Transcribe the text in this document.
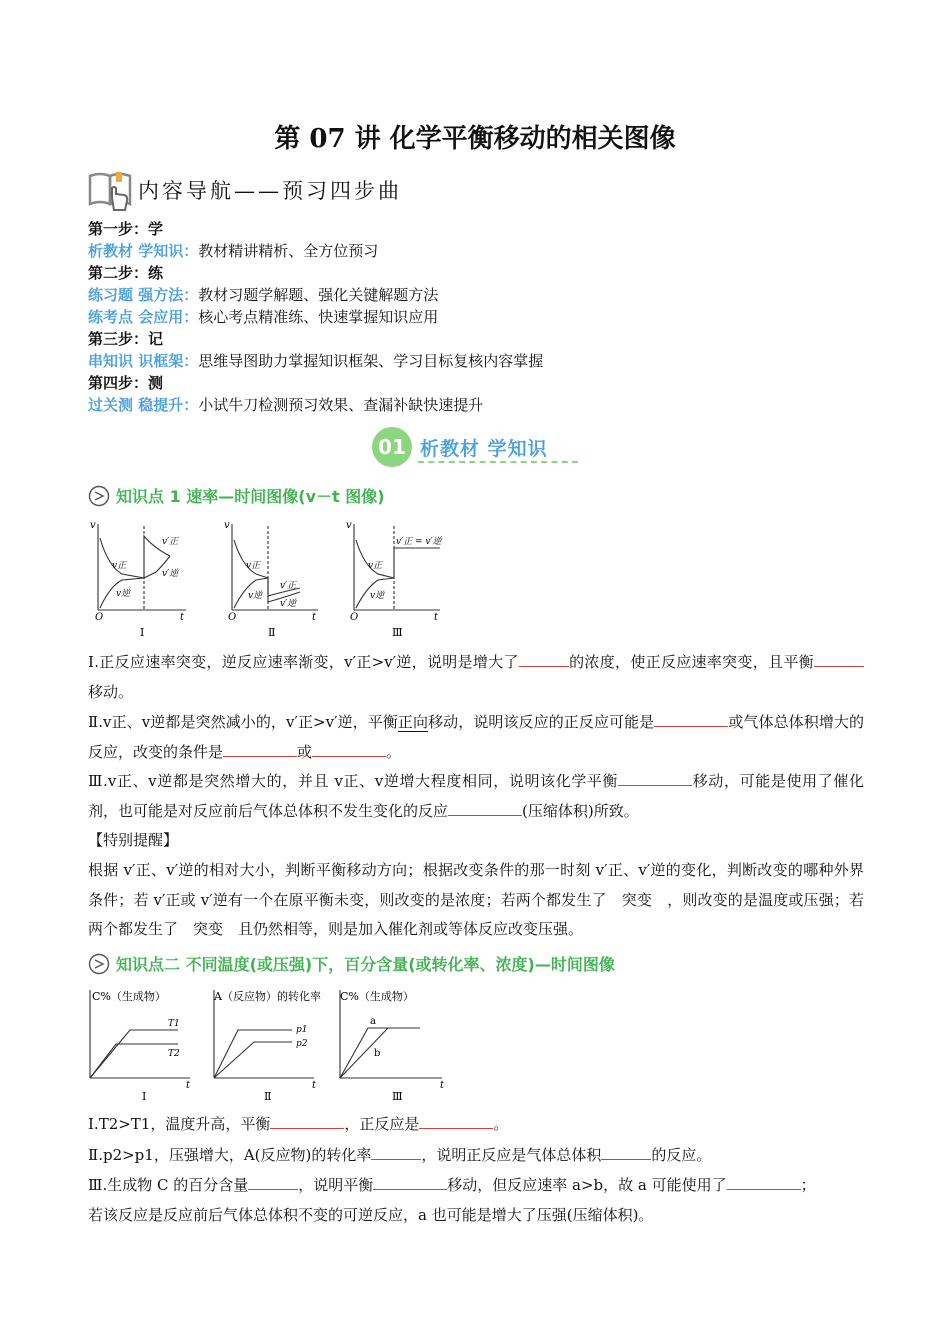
第 07 讲 化学平衡移动的相关图像
内容导航——预习四步曲
第一步：学
析教材 学知识：教材精讲精析、全方位预习
第二步：练
练习题 强方法：教材习题学解题、强化关键解题方法
练考点 会应用：核心考点精准练、快速掌握知识应用
第三步：记
串知识 识框架：思维导图助力掌握知识框架、学习目标复核内容掌握
第四步：测
过关测 稳提升：小试牛刀检测预习效果、查漏补缺快速提升
01 析教材 学知识
知识点 1 速率—时间图像(v－t 图像)
v
O	t
v正
v逆
v′正
v′逆
Ⅰ
v
O	t
v正
v逆
v′正
v′逆
Ⅱ
v
O	t
v正
v逆
v′正 = v′逆
Ⅲ
Ⅰ.正反应速率突变，逆反应速率渐变，v′正>v′逆，说明是增大了	的浓度，使正反应速率突变，且平衡移动。
Ⅱ.v正、v逆都是突然减小的，v′正>v′逆，平衡正向移动，说明该反应的正反应可能是	或气体总体积增大的反应，改变的条件是	或	。
Ⅲ.v正、v逆都是突然增大的，并且 v正、v逆增大程度相同，说明该化学平衡	移动，可能是使用了催化剂，也可能是对反应前后气体总体积不发生变化的反应	(压缩体积)所致。
【特别提醒】
根据 v′正、v′逆的相对大小，判断平衡移动方向；根据改变条件的那一时刻 v′正、v′逆的变化，判断改变的哪种外界条件；若 v′正或 v′逆有一个在原平衡未变，则改变的是浓度；若两个都发生了　突变　，则改变的是温度或压强；若两个都发生了　突变　且仍然相等，则是加入催化剂或等体反应改变压强。
知识点二 不同温度(或压强)下，百分含量(或转化率、浓度)—时间图像
C%（生成物）
T1
T2
t
Ⅰ
A（反应物）的转化率
p1
p2
t
Ⅱ
C%（生成物）
a
b
t
Ⅲ
Ⅰ.T2>T1，温度升高，平衡	，正反应是	。
Ⅱ.p2>p1，压强增大，A(反应物)的转化率	，说明正反应是气体总体积	的反应。
Ⅲ.生成物 C 的百分含量	，说明平衡	移动，但反应速率 a>b，故 a 可能使用了	；
若该反应是反应前后气体总体积不变的可逆反应，a 也可能是增大了压强(压缩体积)。
